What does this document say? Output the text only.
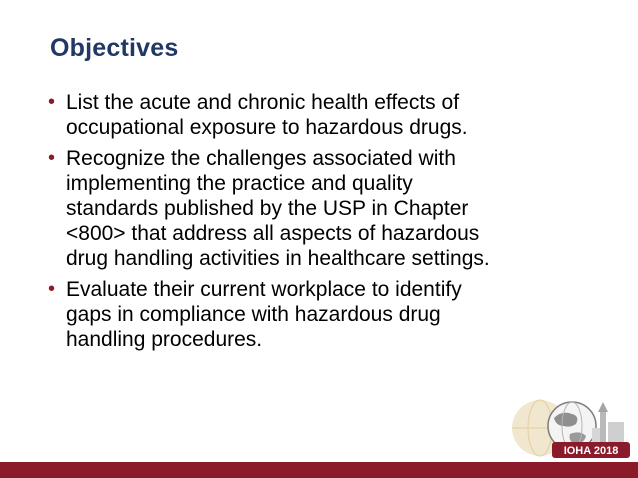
Objectives
• List the acute and chronic health effects of
occupational exposure to hazardous drugs.
• Recognize the challenges associated with
implementing the practice and quality
standards published by the USP in Chapter
<800> that address all aspects of hazardous
drug handling activities in healthcare settings.
• Evaluate their current workplace to identify
gaps in compliance with hazardous drug
handling procedures.
IOHA 2018
